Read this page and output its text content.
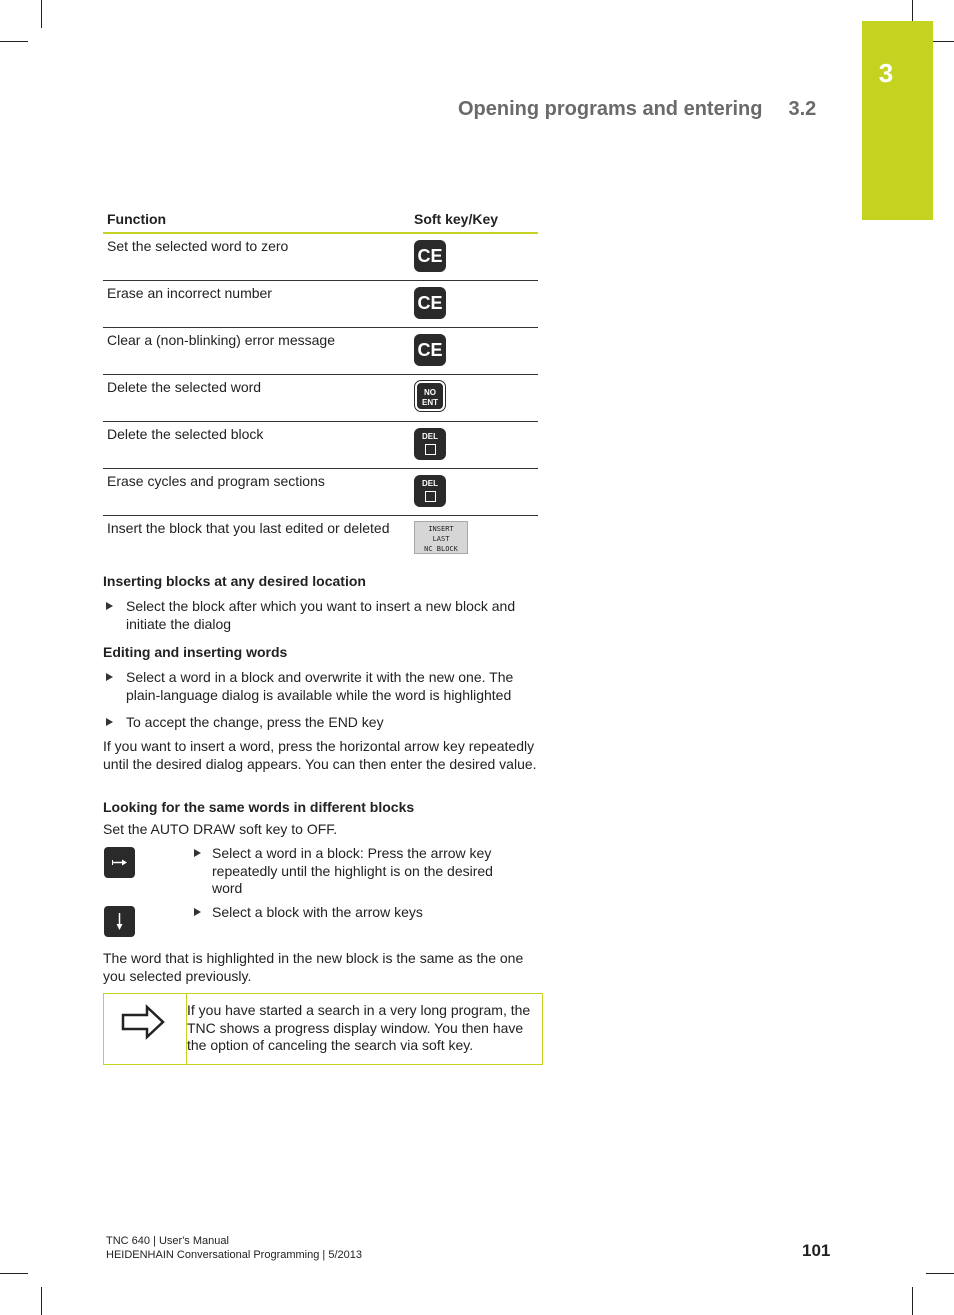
3
Opening programs and entering 3.2
Function	Soft key/Key
Set the selected word to zero	CE
Erase an incorrect number	CE
Clear a (non-blinking) error message	CE
Delete the selected word	NO
ENT
Delete the selected block	DEL

Erase cycles and program sections	DEL

Insert the block that you last edited or deleted	INSERT
LAST
NC BLOCK
Inserting blocks at any desired location
Select the block after which you want to insert a new block and initiate the dialog
Editing and inserting words
Select a word in a block and overwrite it with the new one. The plain-language dialog is available while the word is highlighted
To accept the change, press the END key
If you want to insert a word, press the horizontal arrow key repeatedly until the desired dialog appears. You can then enter the desired value.
Looking for the same words in different blocks
Set the AUTO DRAW soft key to OFF.
Select a word in a block: Press the arrow key repeatedly until the highlight is on the desired word
Select a block with the arrow keys
The word that is highlighted in the new block is the same as the one you selected previously.
If you have started a search in a very long program, the TNC shows a progress display window. You then have the option of canceling the search via soft key.
TNC 640 | User's Manual
HEIDENHAIN Conversational Programming | 5/2013	101
